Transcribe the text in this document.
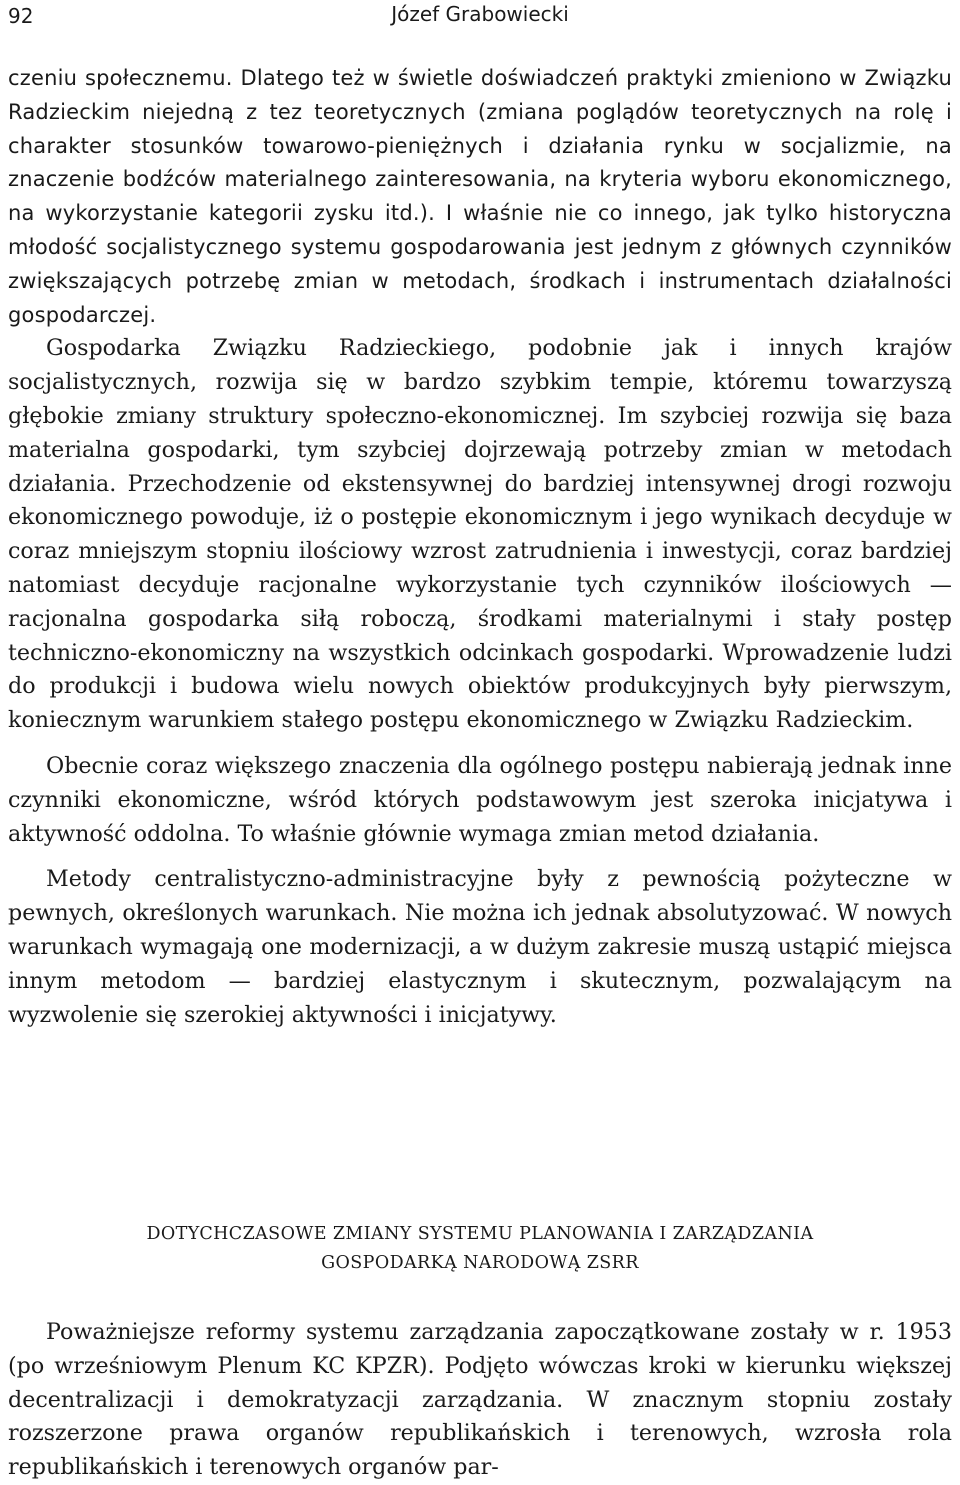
92	Józef Grabowiecki

czeniu społecznemu. Dlatego też w świetle doświadczeń praktyki zmieniono w Związku Radzieckim niejedną z tez teoretycznych (zmiana poglądów teoretycznych na rolę i charakter stosunków towarowo-pieniężnych i działania rynku w socjalizmie, na znaczenie bodźców materialnego zainteresowania, na kryteria wyboru ekonomicznego, na wykorzystanie kategorii zysku itd.). I właśnie nie co innego, jak tylko historyczna młodość socjalistycznego systemu gospodarowania jest jednym z głównych czynników zwiększających potrzebę zmian w metodach, środkach i instrumentach działalności gospodarczej.

Gospodarka Związku Radzieckiego, podobnie jak i innych krajów socjalistycznych, rozwija się w bardzo szybkim tempie, któremu towarzyszą głębokie zmiany struktury społeczno-ekonomicznej. Im szybciej rozwija się baza materialna gospodarki, tym szybciej dojrzewają potrzeby zmian w metodach działania. Przechodzenie od ekstensywnej do bardziej intensywnej drogi rozwoju ekonomicznego powoduje, iż o postępie ekonomicznym i jego wynikach decyduje w coraz mniejszym stopniu ilościowy wzrost zatrudnienia i inwestycji, coraz bardziej natomiast decyduje racjonalne wykorzystanie tych czynników ilościowych — racjonalna gospodarka siłą roboczą, środkami materialnymi i stały postęp techniczno-ekonomiczny na wszystkich odcinkach gospodarki. Wprowadzenie ludzi do produkcji i budowa wielu nowych obiektów produkcyjnych były pierwszym, koniecznym warunkiem stałego postępu ekonomicznego w Związku Radzieckim.

Obecnie coraz większego znaczenia dla ogólnego postępu nabierają jednak inne czynniki ekonomiczne, wśród których podstawowym jest szeroka inicjatywa i aktywność oddolna. To właśnie głównie wymaga zmian metod działania.

Metody centralistyczno-administracyjne były z pewnością pożyteczne w pewnych, określonych warunkach. Nie można ich jednak absolutyzować. W nowych warunkach wymagają one modernizacji, a w dużym zakresie muszą ustąpić miejsca innym metodom — bardziej elastycznym i skutecznym, pozwalającym na wyzwolenie się szerokiej aktywności i inicjatywy.

DOTYCHCZASOWE ZMIANY SYSTEMU PLANOWANIA I ZARZĄDZANIA
GOSPODARKĄ NARODOWĄ ZSRR

Poważniejsze reformy systemu zarządzania zapoczątkowane zostały w r. 1953 (po wrześniowym Plenum KC KPZR). Podjęto wówczas kroki w kierunku większej decentralizacji i demokratyzacji zarządzania. W znacznym stopniu zostały rozszerzone prawa organów republikańskich i terenowych, wzrosła rola republikańskich i terenowych organów par-
